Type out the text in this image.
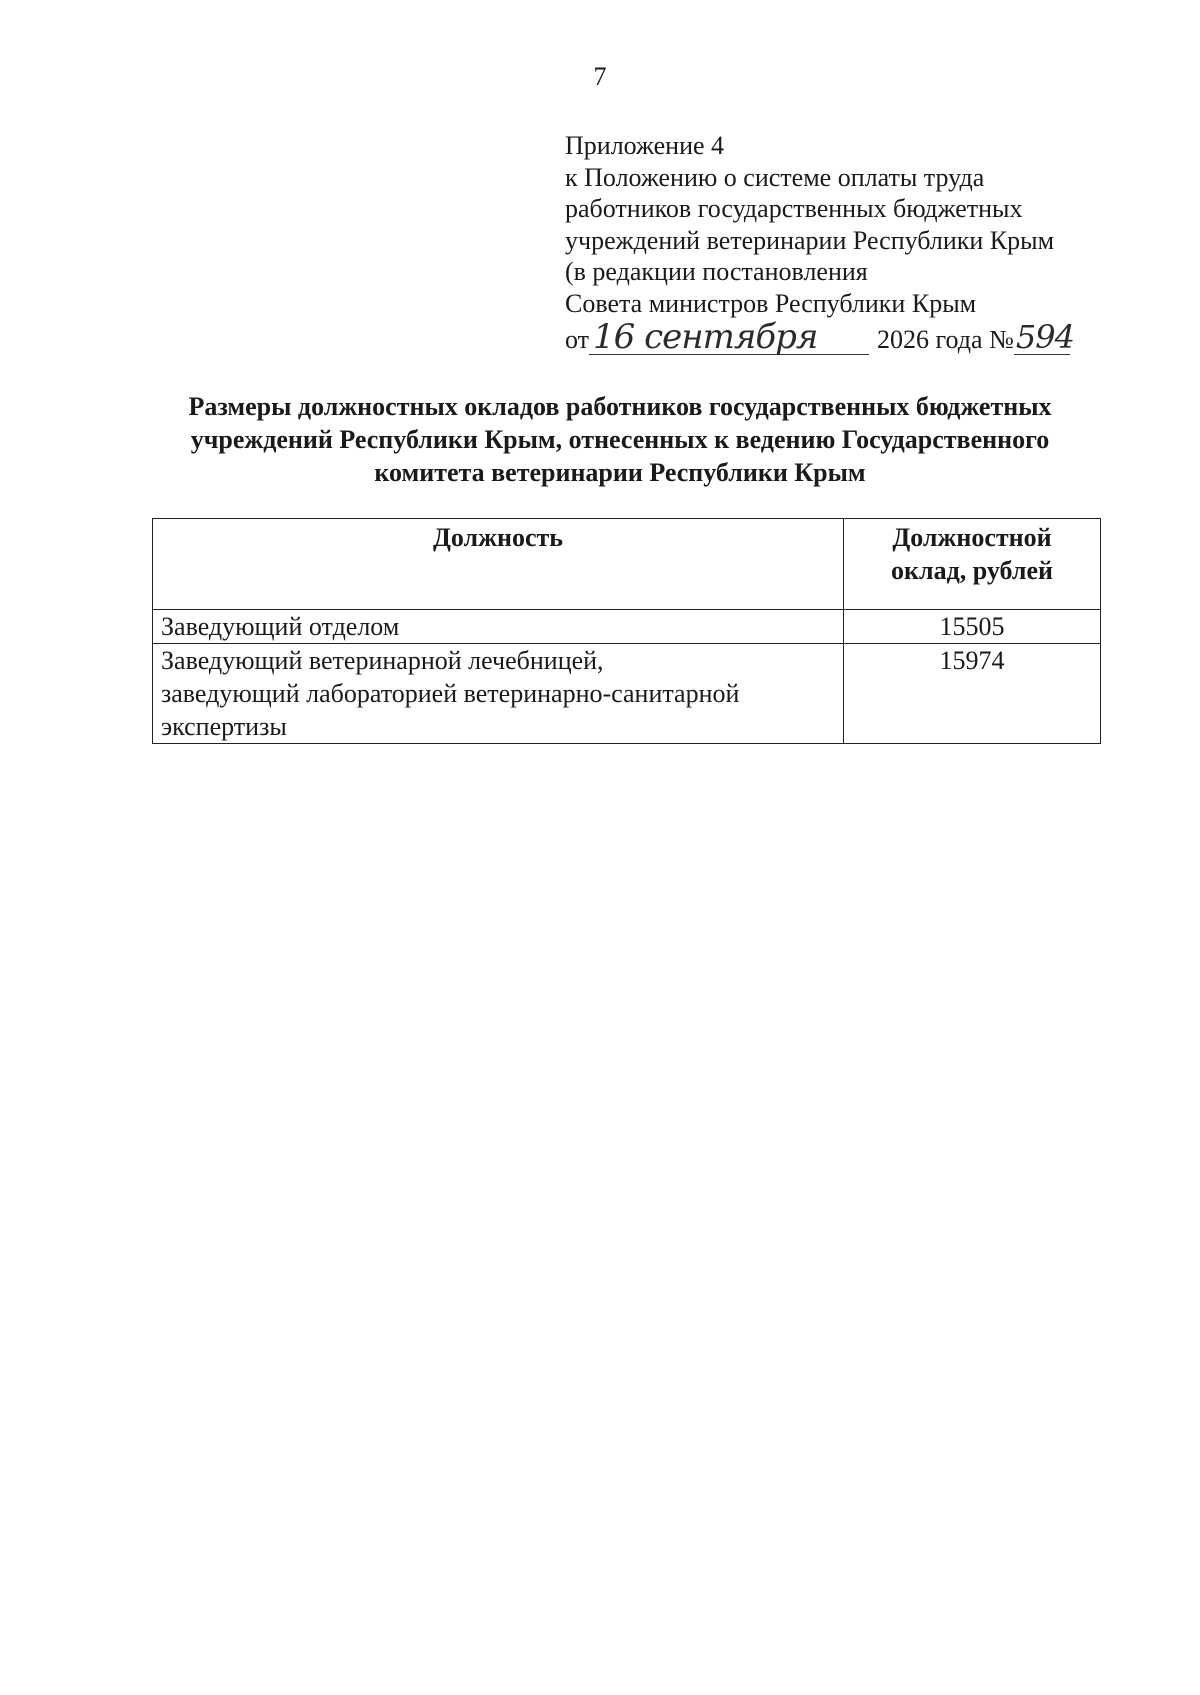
7
Приложение 4
к Положению о системе оплаты труда
работников государственных бюджетных
учреждений ветеринарии Республики Крым
(в редакции постановления
Совета министров Республики Крым
от 16 сентября	2026 года № 594
Размеры должностных окладов работников государственных бюджетных
учреждений Республики Крым, отнесенных к ведению Государственного
комитета ветеринарии Республики Крым
Должность	Должностной
оклад, рублей

Заведующий отделом	15505

Заведующий ветеринарной лечебницей,
заведующий лабораторией ветеринарно-санитарной
экспертизы	15974
